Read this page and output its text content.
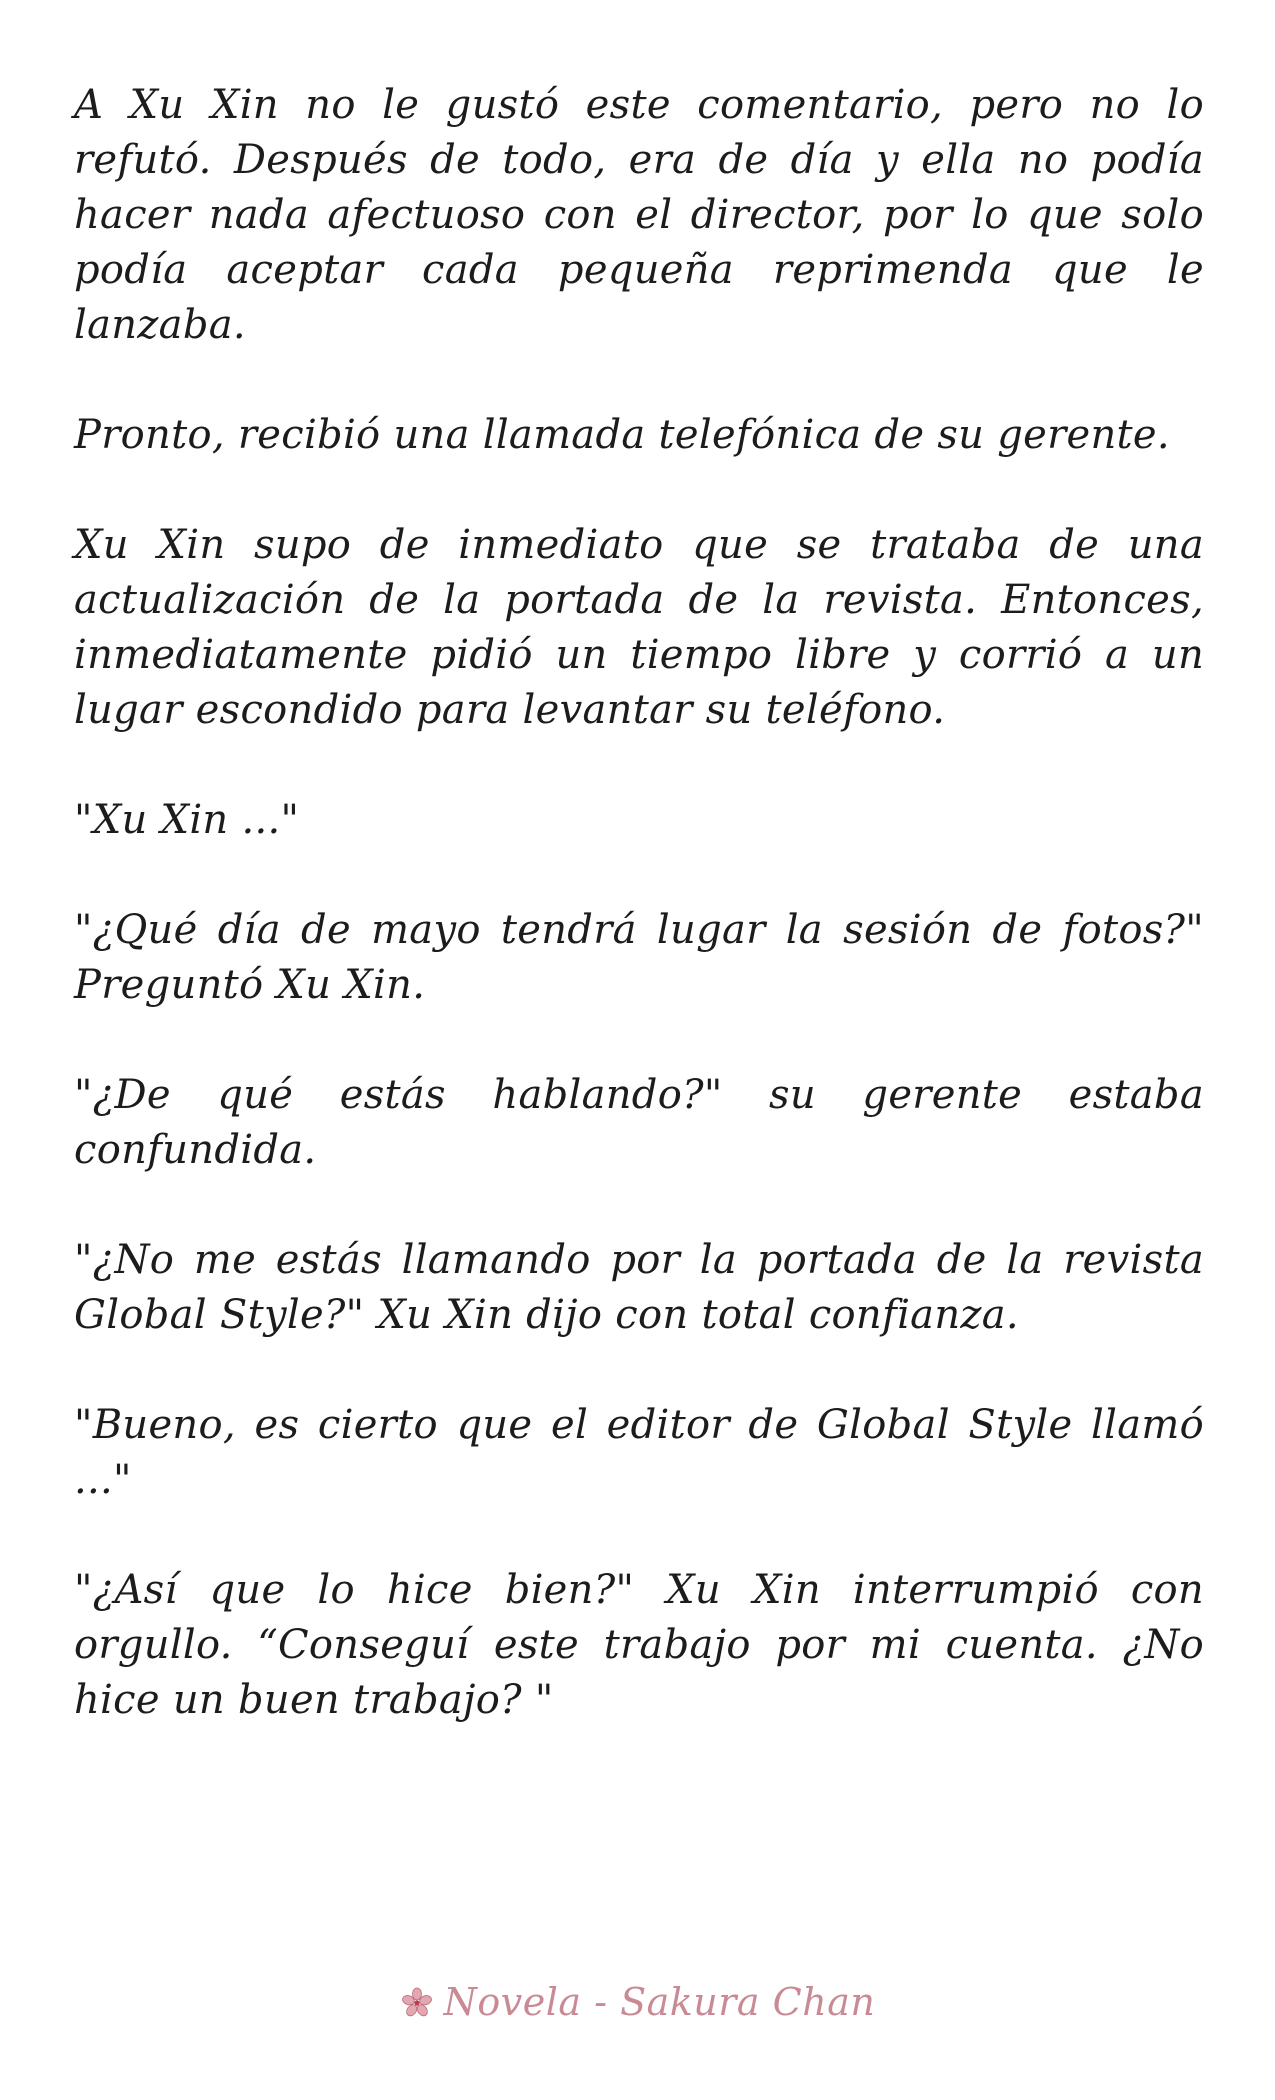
A Xu Xin no le gustó este comentario, pero no lo refutó. Después de todo, era de día y ella no podía hacer nada afectuoso con el director, por lo que solo podía aceptar cada pequeña reprimenda que le lanzaba.

Pronto, recibió una llamada telefónica de su gerente.

Xu Xin supo de inmediato que se trataba de una actualización de la portada de la revista. Entonces, inmediatamente pidió un tiempo libre y corrió a un lugar escondido para levantar su teléfono.

"Xu Xin ..."

"¿Qué día de mayo tendrá lugar la sesión de fotos?" Preguntó Xu Xin.

"¿De qué estás hablando?" su gerente estaba confundida.

"¿No me estás llamando por la portada de la revista Global Style?" Xu Xin dijo con total confianza.

"Bueno, es cierto que el editor de Global Style llamó ..."

"¿Así que lo hice bien?" Xu Xin interrumpió con orgullo. “Conseguí este trabajo por mi cuenta. ¿No hice un buen trabajo? "

Novela - Sakura Chan
